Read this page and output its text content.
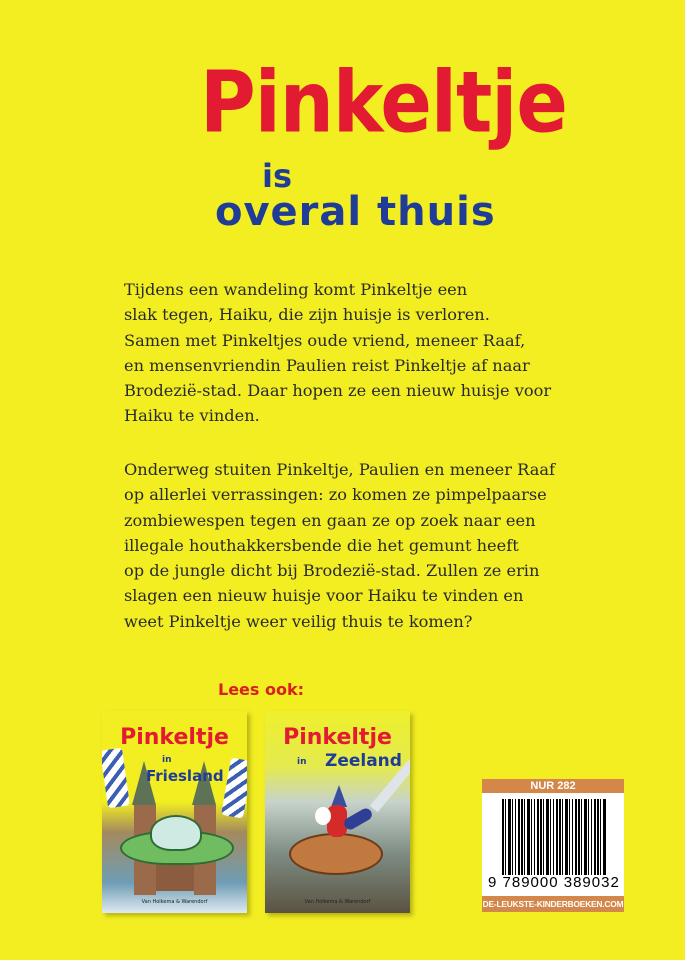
Pinkeltje
is
overal thuis
Tijdens een wandeling komt Pinkeltje een
slak tegen, Haiku, die zijn huisje is verloren.
Samen met Pinkeltjes oude vriend, meneer Raaf,
en mensenvriendin Paulien reist Pinkeltje af naar
Brodezië-stad. Daar hopen ze een nieuw huisje voor
Haiku te vinden.
Onderweg stuiten Pinkeltje, Paulien en meneer Raaf
op allerlei verrassingen: zo komen ze pimpelpaarse
zombiewespen tegen en gaan ze op zoek naar een
illegale houthakkersbende die het gemunt heeft
op de jungle dicht bij Brodezië-stad. Zullen ze erin
slagen een nieuw huisje voor Haiku te vinden en
weet Pinkeltje weer veilig thuis te komen?
Lees ook:
Pinkeltje
in
Friesland
Van Holkema & Warendorf
Pinkeltje
in Zeeland
Van Holkema & Warendorf
NUR 282
9 789000 389032
DE-LEUKSTE-KINDERBOEKEN.COM
